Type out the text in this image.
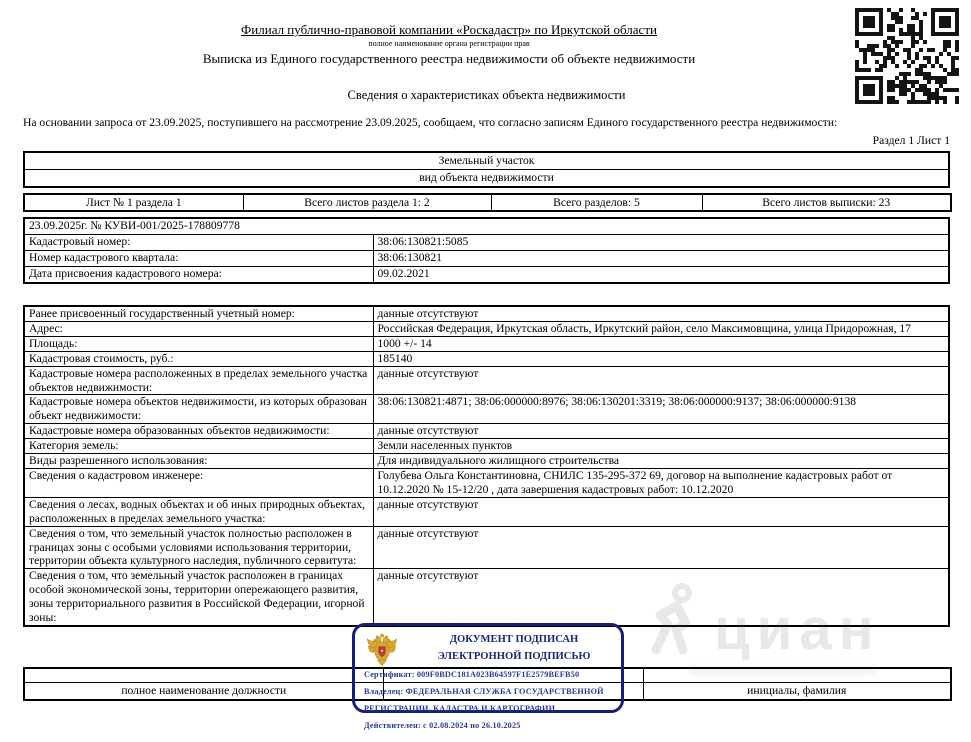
циан
Филиал публично-правовой компании «Роскадастр» по Иркутской области
полное наименование органа регистрации прав
Выписка из Единого государственного реестра недвижимости об объекте недвижимости
Сведения о характеристиках объекта недвижимости
На основании запроса от 23.09.2025, поступившего на рассмотрение 23.09.2025, сообщаем, что согласно записям Единого государственного реестра недвижимости:
Раздел 1 Лист 1
Земельный участок
вид объекта недвижимости
Лист № 1 раздела 1	Всего листов раздела 1: 2	Всего разделов: 5	Всего листов выписки: 23
23.09.2025г. № КУВИ-001/2025-178809778	
Кадастровый номер:	38:06:130821:5085
Номер кадастрового квартала:	38:06:130821
Дата присвоения кадастрового номера:	09.02.2021
Ранее присвоенный государственный учетный номер:	данные отсутствуют
Адрес:	Российская Федерация, Иркутская область, Иркутский район, село Максимовщина, улица Придорожная, 17
Площадь:	1000 +/- 14
Кадастровая стоимость, руб.:	185140
Кадастровые номера расположенных в пределах земельного участка объектов недвижимости:	данные отсутствуют
Кадастровые номера объектов недвижимости, из которых образован объект недвижимости:	38:06:130821:4871; 38:06:000000:8976; 38:06:130201:3319; 38:06:000000:9137; 38:06:000000:9138
Кадастровые номера образованных объектов недвижимости:	данные отсутствуют
Категория земель:	Земли населенных пунктов
Виды разрешенного использования:	Для индивидуального жилищного строительства
Сведения о кадастровом инженере:	Голубева Ольга Константиновна, СНИЛС 135-295-372 69, договор на выполнение кадастровых работ от 10.12.2020 № 15-12/20 , дата завершения кадастровых работ: 10.12.2020
Сведения о лесах, водных объектах и об иных природных объектах, расположенных в пределах земельного участка:	данные отсутствуют
Сведения о том, что земельный участок полностью расположен в границах зоны с особыми условиями использования территории, территории объекта культурного наследия, публичного сервитута:	данные отсутствуют
Сведения о том, что земельный участок расположен в границах особой экономической зоны, территории опережающего развития, зоны территориального развития в Российской Федерации, игорной зоны:	данные отсутствуют

полное наименование должности		инициалы, фамилия
ДОКУМЕНТ ПОДПИСАН
ЭЛЕКТРОННОЙ ПОДПИСЬЮ
Сертификат: 009F0BDC181A023B64597F1E2579BEFB50
Владелец: ФЕДЕРАЛЬНАЯ СЛУЖБА ГОСУДАРСТВЕННОЙ
РЕГИСТРАЦИИ, КАДАСТРА И КАРТОГРАФИИ
Действителен: с 02.08.2024 по 26.10.2025
